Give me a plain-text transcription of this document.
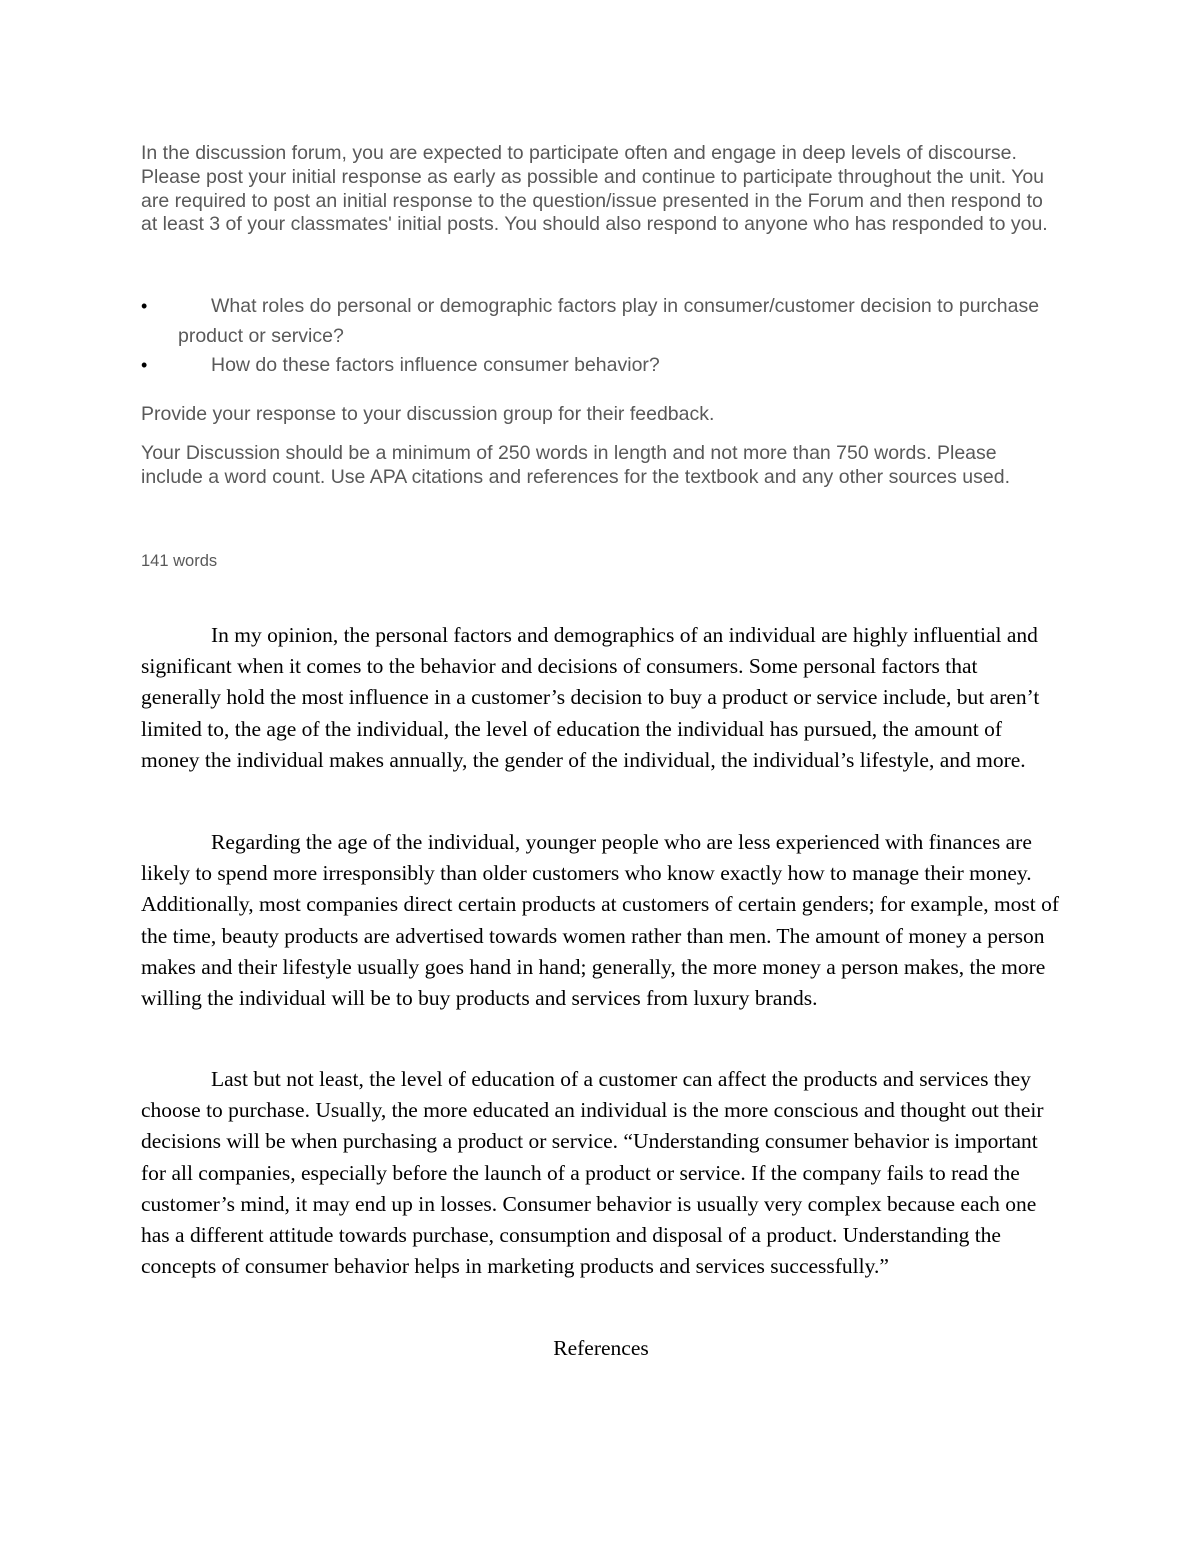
In the discussion forum, you are expected to participate often and engage in deep levels of discourse. Please post your initial response as early as possible and continue to participate throughout the unit. You are required to post an initial response to the question/issue presented in the Forum and then respond to at least 3 of your classmates' initial posts. You should also respond to anyone who has responded to you.
•	What roles do personal or demographic factors play in consumer/customer decision to purchase product or service?
•	How do these factors influence consumer behavior?
Provide your response to your discussion group for their feedback.
Your Discussion should be a minimum of 250 words in length and not more than 750 words. Please include a word count. Use APA citations and references for the textbook and any other sources used.
141 words

In my opinion, the personal factors and demographics of an individual are highly influential and significant when it comes to the behavior and decisions of consumers. Some personal factors that generally hold the most influence in a customer’s decision to buy a product or service include, but aren’t limited to, the age of the individual, the level of education the individual has pursued, the amount of money the individual makes annually, the gender of the individual, the individual’s lifestyle, and more.

Regarding the age of the individual, younger people who are less experienced with finances are likely to spend more irresponsibly than older customers who know exactly how to manage their money. Additionally, most companies direct certain products at customers of certain genders; for example, most of the time, beauty products are advertised towards women rather than men. The amount of money a person makes and their lifestyle usually goes hand in hand; generally, the more money a person makes, the more willing the individual will be to buy products and services from luxury brands.

Last but not least, the level of education of a customer can affect the products and services they choose to purchase. Usually, the more educated an individual is the more conscious and thought out their decisions will be when purchasing a product or service. “Understanding consumer behavior is important for all companies, especially before the launch of a product or service. If the company fails to read the customer’s mind, it may end up in losses. Consumer behavior is usually very complex because each one has a different attitude towards purchase, consumption and disposal of a product. Understanding the concepts of consumer behavior helps in marketing products and services successfully.”

References
